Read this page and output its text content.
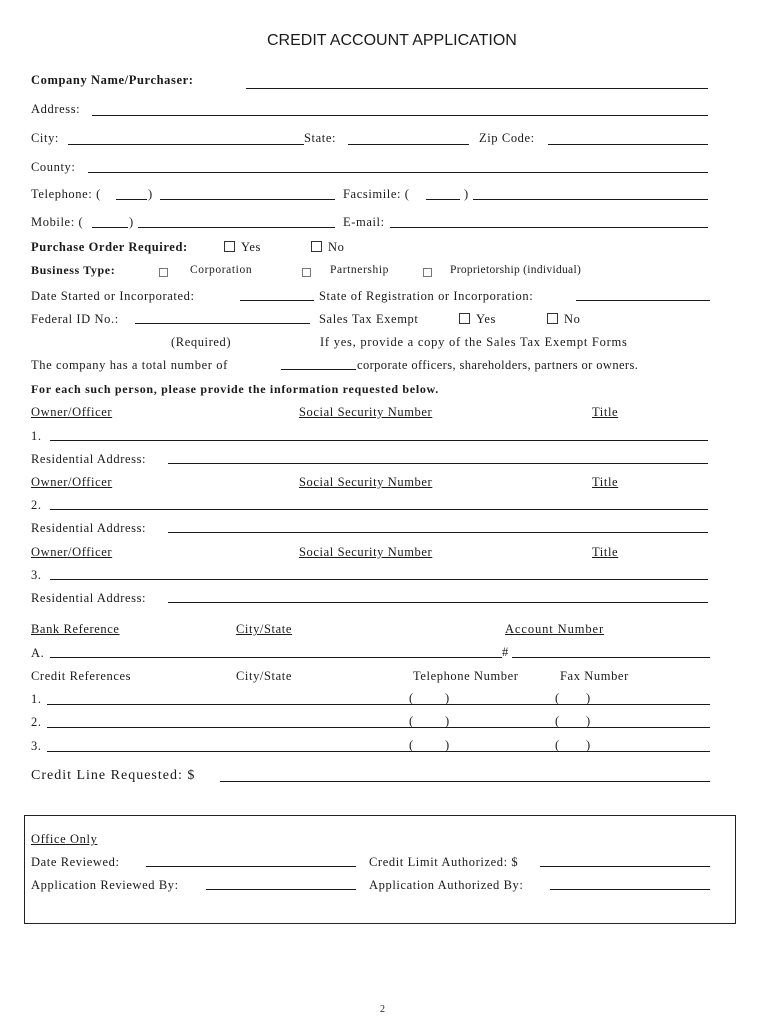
CREDIT ACCOUNT APPLICATION
Company Name/Purchaser:
Address:
City:	State:	Zip Code:
County:
Telephone: (	)	Facsimile: (	)
Mobile: (	)	E-mail:
Purchase Order Required:	Yes	No
Business Type:	Corporation	Partnership	Proprietorship (individual)
Date Started or Incorporated:	State of Registration or Incorporation:
Federal ID No.:	Sales Tax Exempt	Yes	No
(Required)	If yes, provide a copy of the Sales Tax Exempt Forms
The company has a total number of	corporate officers, shareholders, partners or owners.
For each such person, please provide the information requested below.
Owner/Officer	Social Security Number	Title
1.
Residential Address:
Owner/Officer	Social Security Number	Title
2.
Residential Address:
Owner/Officer	Social Security Number	Title
3.
Residential Address:
Bank Reference	City/State	Account Number
A.	#
Credit References	City/State	Telephone Number	Fax Number
1.	( )	( )
2.	( )	( )
3.	( )	( )
Credit Line Requested: $
Office Only
Date Reviewed:	Credit Limit Authorized: $
Application Reviewed By:	Application Authorized By:
2
